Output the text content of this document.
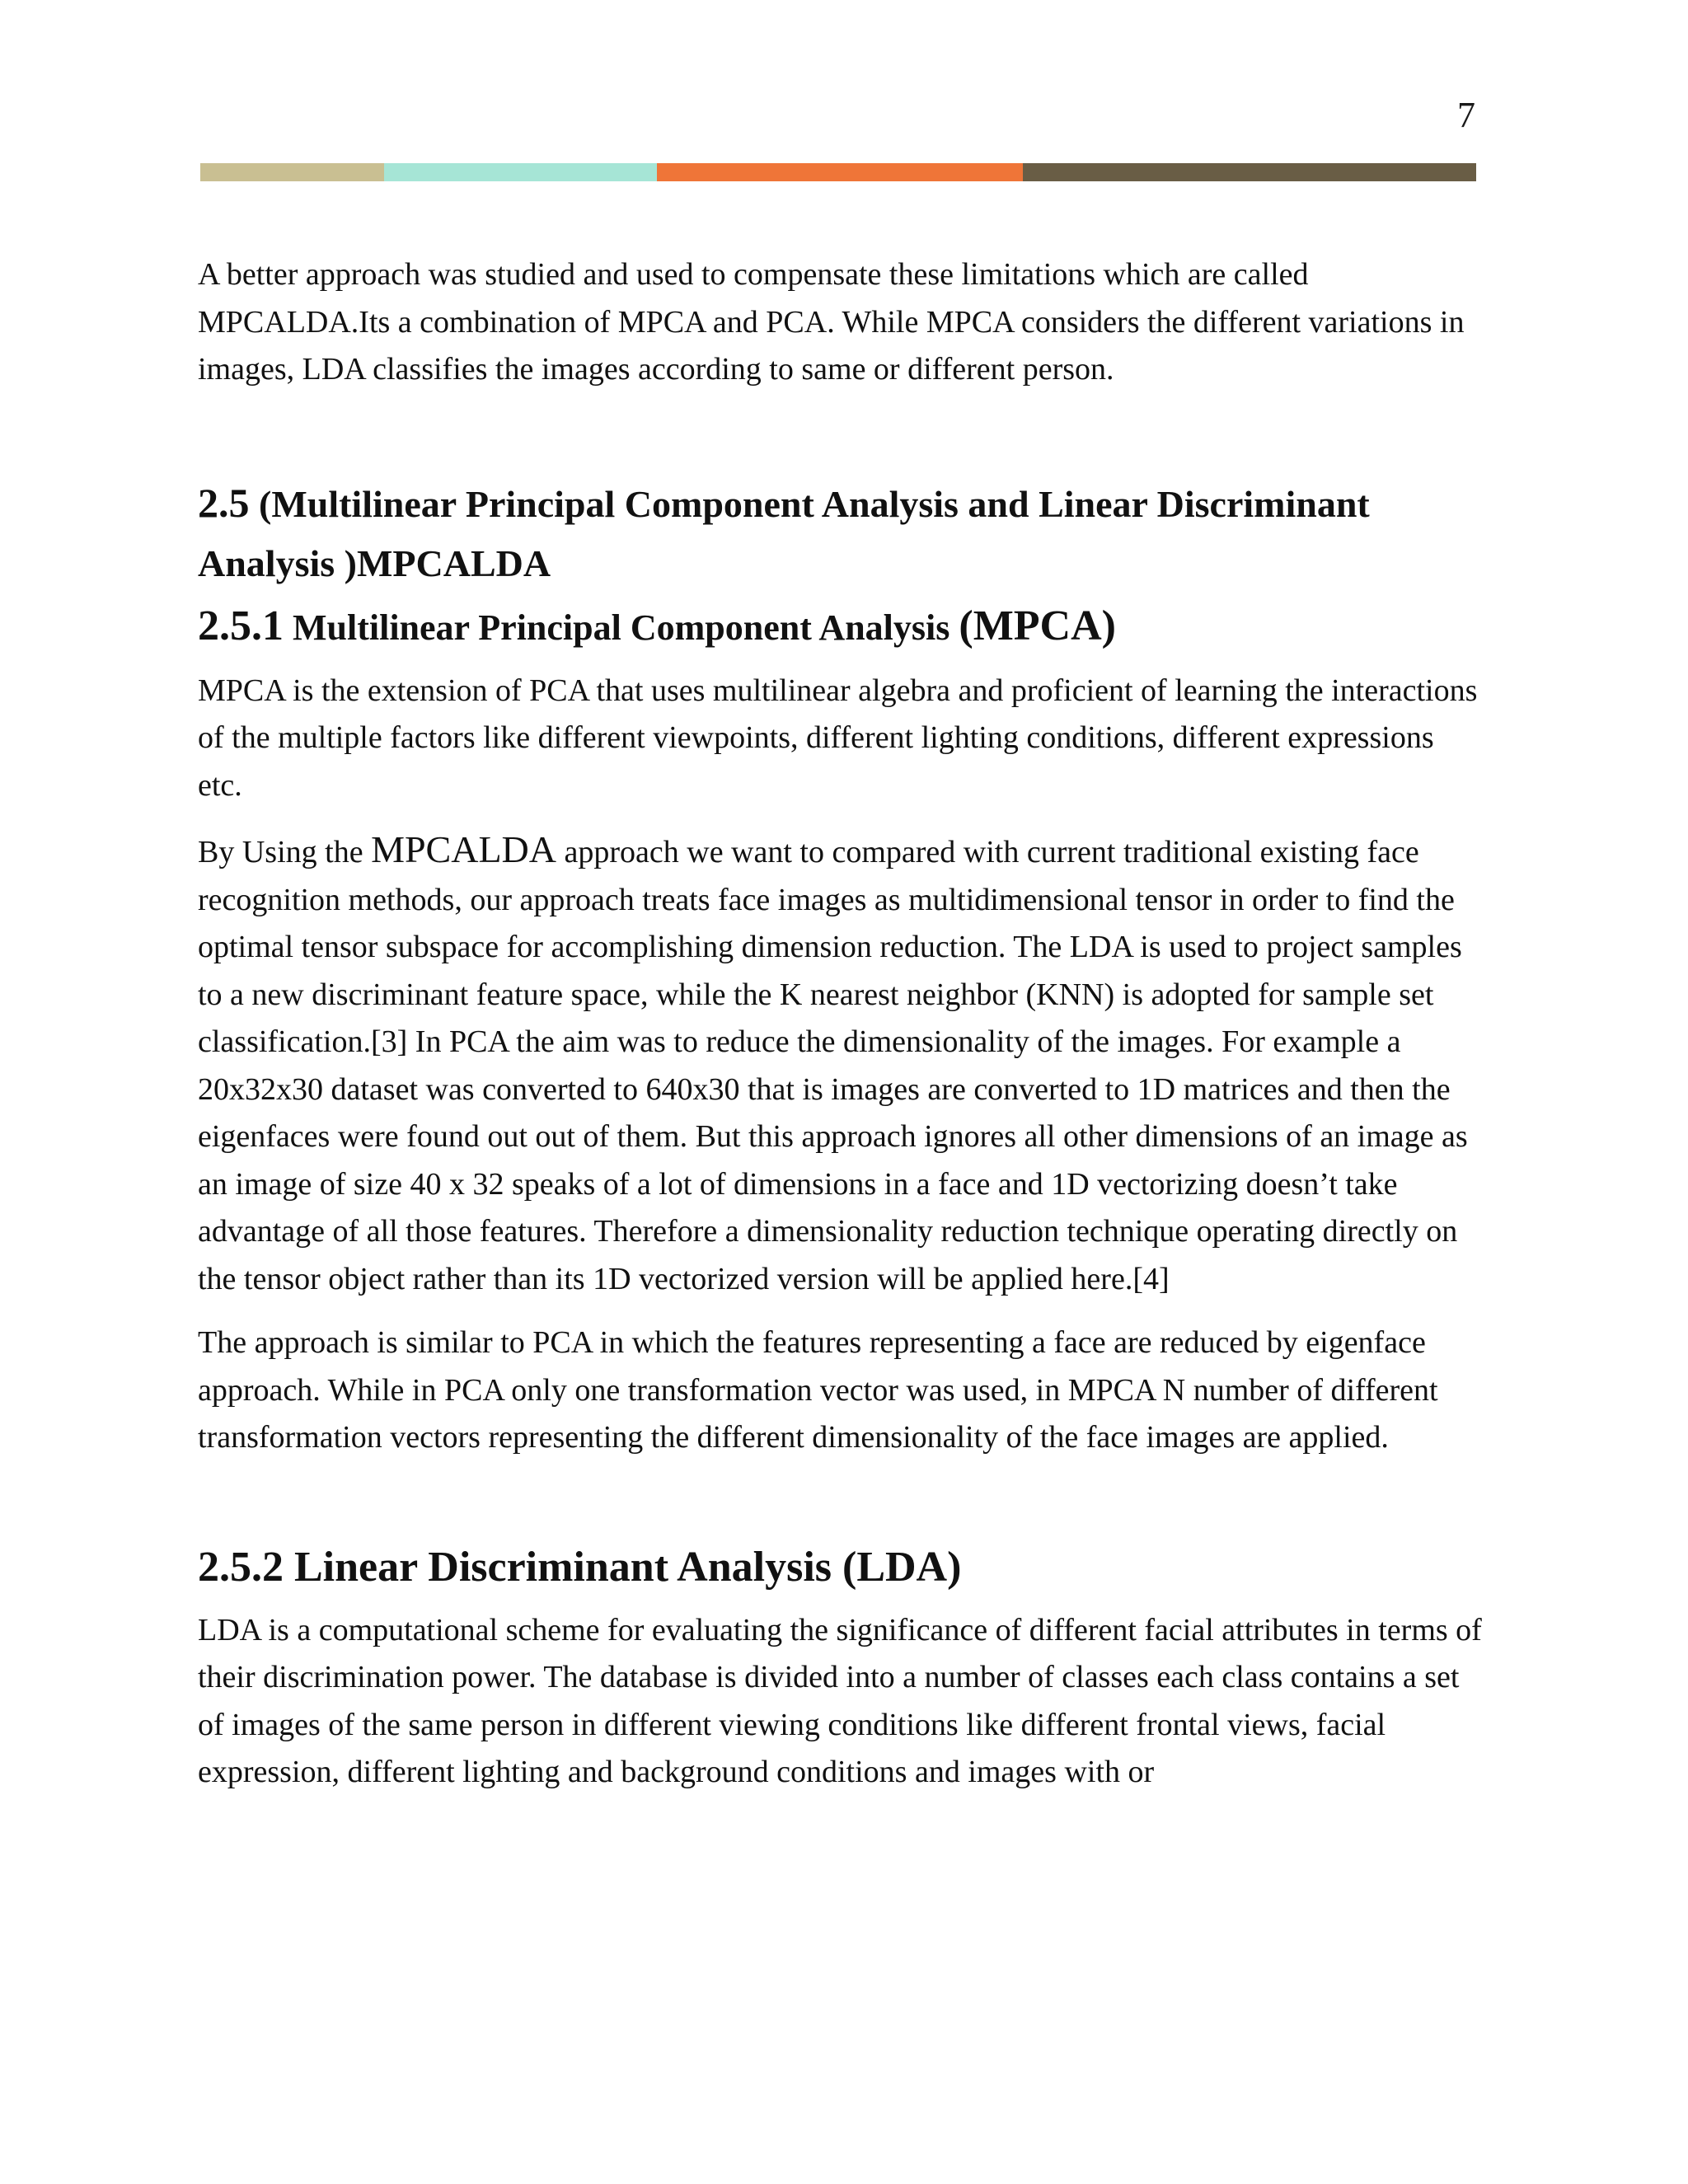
7

A better approach was studied and used to compensate these limitations which are called MPCALDA.Its a combination of MPCA and PCA. While MPCA considers the different variations in images, LDA classifies the images according to same or different person.

2.5 (Multilinear Principal Component Analysis and Linear Discriminant Analysis )MPCALDA
2.5.1 Multilinear Principal Component Analysis (MPCA)

MPCA is the extension of PCA that uses multilinear algebra and proficient of learning the interactions of the multiple factors like different viewpoints, different lighting conditions, different expressions etc.

By Using the MPCALDA approach we want to compared with current traditional existing face recognition methods, our approach treats face images as multidimensional tensor in order to find the optimal tensor subspace for accomplishing dimension reduction. The LDA is used to project samples to a new discriminant feature space, while the K nearest neighbor (KNN) is adopted for sample set classification.[3] In PCA the aim was to reduce the dimensionality of the images. For example a 20x32x30 dataset was converted to 640x30 that is images are converted to 1D matrices and then the eigenfaces were found out out of them. But this approach ignores all other dimensions of an image as an image of size 40 x 32 speaks of a lot of dimensions in a face and 1D vectorizing doesn’t take advantage of all those features. Therefore a dimensionality reduction technique operating directly on the tensor object rather than its 1D vectorized version will be applied here.[4]

The approach is similar to PCA in which the features representing a face are reduced by eigenface approach. While in PCA only one transformation vector was used, in MPCA N number of different transformation vectors representing the different dimensionality of the face images are applied.

2.5.2 Linear Discriminant Analysis (LDA)

LDA is a computational scheme for evaluating the significance of different facial attributes in terms of their discrimination power. The database is divided into a number of classes each class contains a set of images of the same person in different viewing conditions like different frontal views, facial expression, different lighting and background conditions and images with or
